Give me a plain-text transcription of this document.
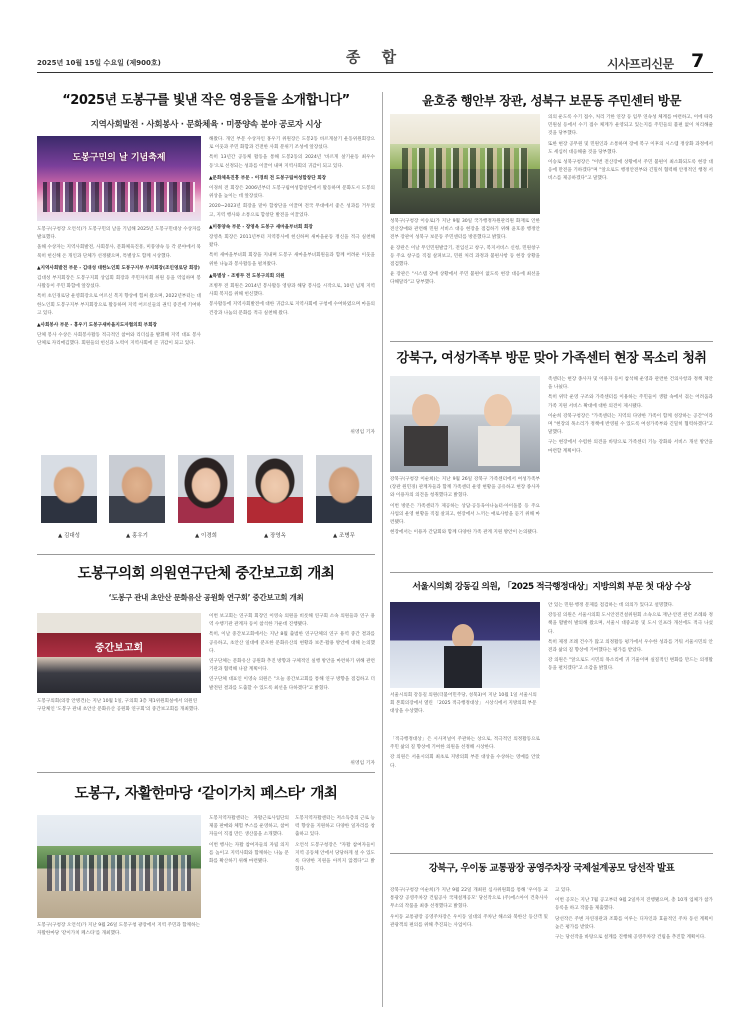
종 합
2025년 10월 15일 수요일 (제900호)	시사프리신문 7
“2025년 도봉구를 빛낸 작은 영웅들을 소개합니다”
지역사회발전 · 사회봉사 · 문화체육 · 미풍양속 분야 공로자 시상
도봉구민의 날 기념축제

도봉구(구청장 오언석)가 도봉구민의 날을 기념해 2025년 도봉구민대상 수상자를 발표했다.

올해 수상자는 지역사회발전, 사회봉사, 문화체육진흥, 미풍양속 등 각 분야에서 묵묵히 헌신해 온 개인과 단체가 선정됐으며, 특별상도 함께 시상했다.

▲지역사회발전 부문 - 김대성 대한노인회 도봉구지부 부지회장(조인영로당 회장)

김대성 부지회장은 도봉구지회 상임회 회장과 주민자치회 위원 등을 역임하며 봉사활동이 주민 화합에 앞장섰다.

특히 초인경로당 운영회장으로 어르신 복지 향상에 힘써 왔으며, 2022년부터는 대한노인회 도봉구지부 부지회장으로 활동하며 지역 어르신들의 권익 증진에 기여하고 있다.

▲사회봉사 부문 - 홍우기 도봉구새마을지도자협의회 부회장

단체 봉사 수상은 사회봉사활동 적극적인 참여와 리더십을 발휘해 지역 대표 봉사단체로 자리매김했다. 회원들의 헌신과 노력이 지역사회에 큰 귀감이 되고 있다.

해왔다. 개인 부문 수상자인 홍우기 위원장은 도봉2동 바르게살기 운동위원회장으로 이웃과 주민 화합과 건전한 사회 분위기 조성에 앞장섰다.

특히 13년간 공동체 활동을 통해 도봉2동의 2024년 '바르게 살기운동 최우수 동'으로 선정되는 성과를 이끌어 내며 지역사회의 귀감이 되고 있다.

▲문화체육진흥 부문 - 이경희 전 도봉구립여성합창단 회장

이경희 전 회장은 2006년부터 도봉구립여성합창단에서 활동하며 문화도시 도봉의 위상을 높이는 데 앞장섰다.

2020~2023년 회장을 맡아 합창단을 이끌며 전국 무대에서 좋은 성과를 거두었고, 지역 행사와 소통으로 합창단 발전을 이끌었다.

▲미풍양속 부문 - 장영옥 도봉구 새마을부녀회 회장

장영옥 회장은 2011년부터 지역봉사에 헌신하며 새마을운동 정신을 적극 실천해 왔다.

특히 새마을부녀회 회장을 지내며 도봉구 새마을부녀회원들과 함께 어려운 이웃을 위한 나눔과 봉사활동을 펼쳐왔다.

▲특별상 - 조병무 전 도봉구의회 의원

조병무 전 회원은 2014년 봉사활동 영양과 해당 봉사를 시작으로, 10년 넘게 지역사회 복지를 위해 헌신했다.

봉사활동에 지역사회발전에 대한 귀감으로 지역사회에 구청에 수여하였으며 마을의 건강과 나눔의 문화를 적극 실천해 왔다.

위영임 기자
▲ 김대성	▲ 홍우기	▲ 이경희	▲ 장영옥	▲ 조병무
도봉구의회 의원연구단체 중간보고회 개최
‘도봉구 관내 초안산 문화유산 공원화 연구회’ 중간보고회 개최
중간보고회
도봉구의회(의장 안병건)는 지난 10월 1일, 구의회 3층 제1위원회실에서 의원연구단체인 '도봉구 관내 초안산 문화유산 공원화 연구회'의 중간보고회를 개최했다.

이번 보고회는 연구회 회장인 이영숙 의원을 비롯해 연구회 소속 의원들과 연구 용역 수행기관 관계자 등이 참석한 가운데 진행됐다.

특히, 이날 중간보고회에서는 지난 8월 출범한 연구단체의 연구 용역 중간 결과를 공유하고, 초안산 일대에 분포한 문화유산의 현황과 보존·활용 방안에 대해 논의했다.

연구단체는 문화유산 공원화 추진 방향과 구체적인 실행 방안을 마련하기 위해 관련 기관과 협력해 나갈 계획이다.

연구단체 대표인 이영숙 의원은 "오늘 중간보고회를 통해 연구 방향을 점검하고 더 발전된 결과를 도출할 수 있도록 최선을 다하겠다"고 밝혔다.

위영임 기자
도봉구, 자활한마당 ‘같이가치 페스타’ 개최
도봉구(구청장 오언석)가 지난 9월 26일 도봉구청 광장에서 지역 주민과 함께하는 자활한마당 '같이가치 페스타'를 개최했다.

도봉지역자활센터는 자활근로사업단의 제품 판매와 체험 부스를 운영하고, 참여자들이 직접 만든 생산품을 소개했다.

이번 행사는 자활 참여자들의 자립 의지를 높이고 지역사회와 함께하는 나눔 문화를 확산하기 위해 마련됐다.

도봉지역자활센터는 저소득층의 근로 능력 향상을 지원하고 다양한 일자리를 창출하고 있다.

오언석 도봉구청장은 "자활 참여자들이 지역 공동체 안에서 당당하게 설 수 있도록 다양한 지원을 아끼지 않겠다"고 밝혔다.

윤호중 행안부 장관, 성북구 보문동 주민센터 방문

성북구(구청장 이승로)가 지난 9월 30일 국가행정자원관리원 화재로 인한 전산장애와 관련해 민원 서비스 대응 현장을 점검하기 위해 윤호중 행정안전부 장관이 성북구 보문동 주민센터를 방문했다고 밝혔다.

윤 장관은 이날 무인민원발급기, 전입신고 창구, 복지서비스 신청, 민원창구 등 주요 창구를 직접 살펴보고, 민원 처리 과정과 불편사항 등 현장 상황을 점검했다.

윤 장관은 "시스템 장애 상황에서 주민 불편이 없도록 현장 대응에 최선을 다해달라"고 당부했다.

의의 운도록 수기 접수, 처리 기한 연장 등 임무 연속성 체계를 마련하고, 이에 따라 민원실 등에서 수기 접수 체계가 운영되고 있는지를 주민들의 불편 없이 처리해줄 것을 당부했다.

또한 현장 공무원 및 민원인과 소통하며 장애 복구 이후의 시스템 정상화 과정에서도 세심히 대응해줄 것을 당부했다.

이승로 성북구청장은 "이번 전산장애 상황에서 주민 불편이 최소화되도록 현장 대응에 만전을 기하겠다"며 "앞으로도 행정안전부와 긴밀히 협력해 안정적인 행정 서비스를 제공하겠다"고 말했다.

강북구, 여성가족부 방문 맞아 가족센터 현장 목소리 청취

강북구(구청장 이순희)는 지난 9월 26일 강북구 가족센터에서 여성가족부(장관 원민경) 관계자들과 함께 가족센터 운영 현황을 공유하고 현장 종사자와 이용자의 의견을 청취했다고 밝혔다.

이번 방문은 가족센터가 제공하는 상담·공동육아나눔터·아이돌봄 등 주요 사업의 운영 현황을 직접 살피고, 현장에서 느끼는 애로사항을 듣기 위해 마련됐다.

현장에서는 이용자 간담회와 함께 다양한 가족 관계 지원 방안이 논의됐다.

족센터는 현장 종사자 및 이용자 등이 참석해 운영과 관련한 건의사항과 정책 제안을 나눴다.

특히 위탁 운영 구조와 가족센터를 이용하는 주민들이 생활 속에서 겪는 어려움과 가족 지원 서비스 확대에 대한 의견이 제시됐다.

이순희 강북구청장은 "가족센터는 지역의 다양한 가족이 함께 성장하는 공간"이라며 "현장의 목소리가 정책에 반영될 수 있도록 여성가족부와 긴밀히 협력하겠다"고 말했다.

구는 현장에서 수렴한 의견을 바탕으로 가족센터 기능 강화와 서비스 개선 방안을 마련할 계획이다.

서울시의회 강동길 의원, 「2025 적극행정대상」지방의회 부문 첫 대상 수상
서울시의회 강동길 의원(더불어민주당, 성북3)이 지난 10월 1일 서울시의회 본회의장에서 열린 「2025 적극행정대상」 시상식에서 지방의회 부문 대상을 수상했다.

「적극행정대상」은 시사저널이 주관하는 상으로, 적극적인 의정활동으로 주민 삶의 질 향상에 기여한 의원을 선정해 시상한다.

강 의원은 서울시의회 최초로 지방의회 부문 대상을 수상하는 영예를 안았다.

안 있는 민원·행정 문제를 점검하는 데 의의가 있다고 설명했다.

강동길 의원은 서울시의회 도시안전건설위원회 소속으로 재난·안전 관련 조례와 정책을 활발히 발의해 왔으며, 서울시 대중교통 및 도시 인프라 개선에도 적극 나섰다.

특히 제정 조례 건수가 많고 의정활동 평가에서 우수한 성과를 거둬 서울시민의 안전과 삶의 질 향상에 기여했다는 평가를 받았다.

강 의원은 "앞으로도 시민의 목소리에 귀 기울이며 실질적인 변화를 만드는 의정활동을 펼치겠다"고 소감을 밝혔다.

강북구, 우이동 교통광장 공영주차장 국제설계공모 당선작 발표

강북구(구청장 이순희)가 지난 9월 22일 개최된 심사위원회를 통해 '우이동 교통광장 공영주차장 건립공사 국제설계공모' 당선작으로 (주)에스아이 건축사사무소의 작품을 최종 선정했다고 밝혔다.

우이동 교통광장 공영주차장은 우이동 일대의 주차난 해소와 북한산 등산객 및 관광객의 편의를 위해 추진되는 사업이다.

고 있다.

이번 공모는 지난 7월 공고부터 9월 2일까지 진행됐으며, 총 10개 업체가 참가 등록을 하고 작품을 제출했다.

당선작은 주변 자연경관과 조화를 이루는 디자인과 효율적인 주차 동선 계획이 높은 평가를 받았다.

구는 당선작을 바탕으로 설계를 진행해 공영주차장 건립을 추진할 계획이다.
